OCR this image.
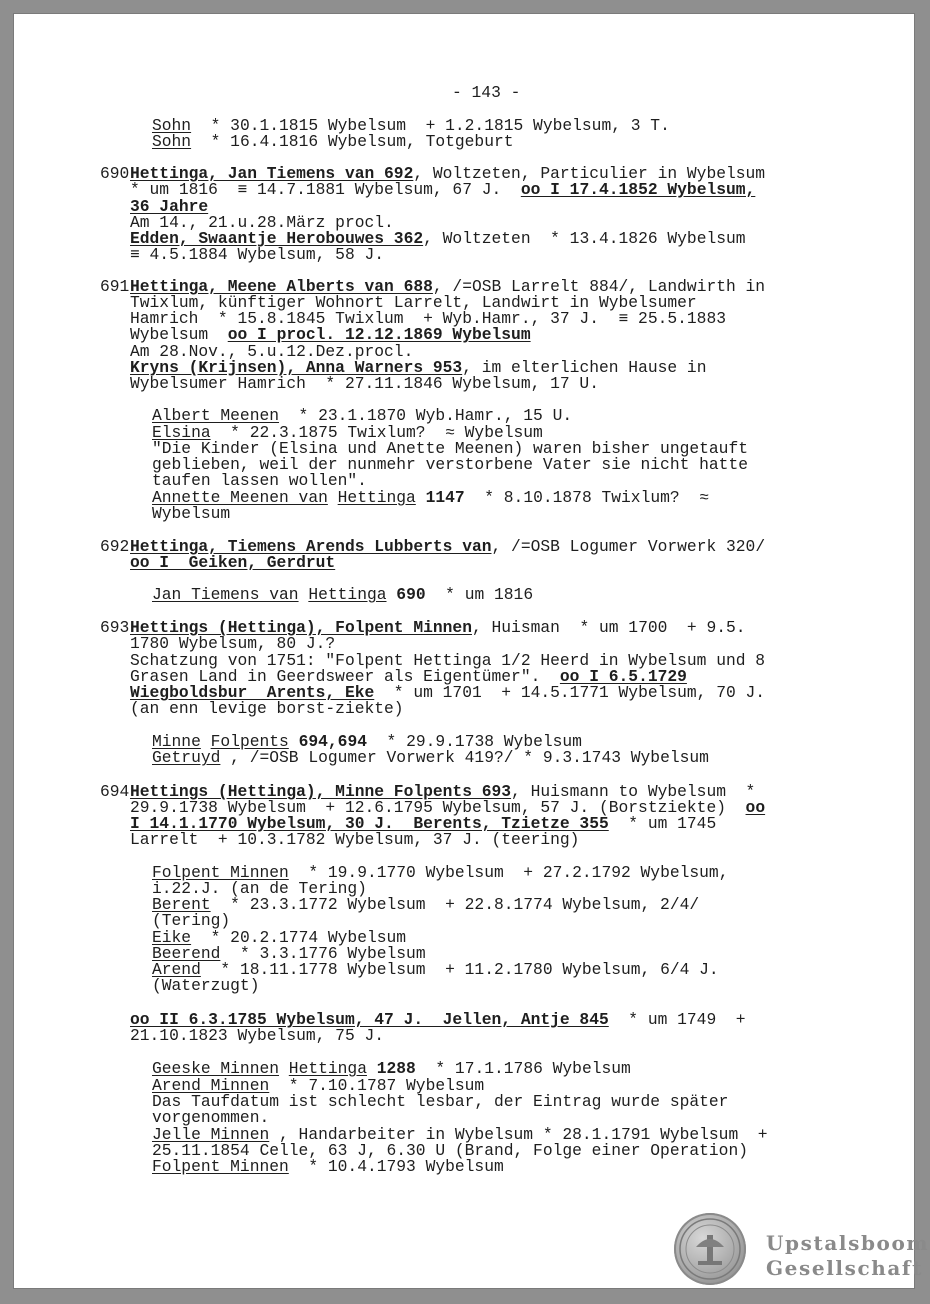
- 143 -
690
691
692
693
694
Sohn  * 30.1.1815 Wybelsum  + 1.2.1815 Wybelsum, 3 T.
Sohn  * 16.4.1816 Wybelsum, Totgeburt
Hettinga, Jan Tiemens van 692, Woltzeten, Particulier in Wybelsum
* um 1816  ≡ 14.7.1881 Wybelsum, 67 J.  oo I 17.4.1852 Wybelsum,
36 Jahre
Am 14., 21.u.28.März procl.
Edden, Swaantje Herobouwes 362, Woltzeten  * 13.4.1826 Wybelsum
≡ 4.5.1884 Wybelsum, 58 J.
Hettinga, Meene Alberts van 688, /=OSB Larrelt 884/, Landwirth in
Twixlum, künftiger Wohnort Larrelt, Landwirt in Wybelsumer
Hamrich  * 15.8.1845 Twixlum  + Wyb.Hamr., 37 J.  ≡ 25.5.1883
Wybelsum  oo I procl. 12.12.1869 Wybelsum
Am 28.Nov., 5.u.12.Dez.procl.
Kryns (Krijnsen), Anna Warners 953, im elterlichen Hause in
Wybelsumer Hamrich  * 27.11.1846 Wybelsum, 17 U.
Albert Meenen  * 23.1.1870 Wyb.Hamr., 15 U.
Elsina  * 22.3.1875 Twixlum?  ≈ Wybelsum
"Die Kinder (Elsina und Anette Meenen) waren bisher ungetauft
geblieben, weil der nunmehr verstorbene Vater sie nicht hatte
taufen lassen wollen".
Annette Meenen van Hettinga 1147  * 8.10.1878 Twixlum?  ≈
Wybelsum
Hettinga, Tiemens Arends Lubberts van, /=OSB Logumer Vorwerk 320/
oo I  Geiken, Gerdrut
Jan Tiemens van Hettinga 690  * um 1816
Hettings (Hettinga), Folpent Minnen, Huisman  * um 1700  + 9.5.
1780 Wybelsum, 80 J.?
Schatzung von 1751: "Folpent Hettinga 1/2 Heerd in Wybelsum und 8
Grasen Land in Geerdsweer als Eigentümer".  oo I 6.5.1729
Wiegboldsbur  Arents, Eke  * um 1701  + 14.5.1771 Wybelsum, 70 J.
(an enn levige borst-ziekte)
Minne Folpents 694,694  * 29.9.1738 Wybelsum
Getruyd , /=OSB Logumer Vorwerk 419?/ * 9.3.1743 Wybelsum
Hettings (Hettinga), Minne Folpents 693, Huismann to Wybelsum  *
29.9.1738 Wybelsum  + 12.6.1795 Wybelsum, 57 J. (Borstziekte)  oo
I 14.1.1770 Wybelsum, 30 J.  Berents, Tzietze 355  * um 1745
Larrelt  + 10.3.1782 Wybelsum, 37 J. (teering)
Folpent Minnen  * 19.9.1770 Wybelsum  + 27.2.1792 Wybelsum,
i.22.J. (an de Tering)
Berent  * 23.3.1772 Wybelsum  + 22.8.1774 Wybelsum, 2/4/
(Tering)
Eike  * 20.2.1774 Wybelsum
Beerend  * 3.3.1776 Wybelsum
Arend  * 18.11.1778 Wybelsum  + 11.2.1780 Wybelsum, 6/4 J.
(Waterzugt)
oo II 6.3.1785 Wybelsum, 47 J.  Jellen, Antje 845  * um 1749  +
21.10.1823 Wybelsum, 75 J.
Geeske Minnen Hettinga 1288  * 17.1.1786 Wybelsum
Arend Minnen  * 7.10.1787 Wybelsum
Das Taufdatum ist schlecht lesbar, der Eintrag wurde später
vorgenommen.
Jelle Minnen , Handarbeiter in Wybelsum * 28.1.1791 Wybelsum  +
25.11.1854 Celle, 63 J, 6.30 U (Brand, Folge einer Operation)
Folpent Minnen  * 10.4.1793 Wybelsum
Upstalsboom
Gesellschaft
